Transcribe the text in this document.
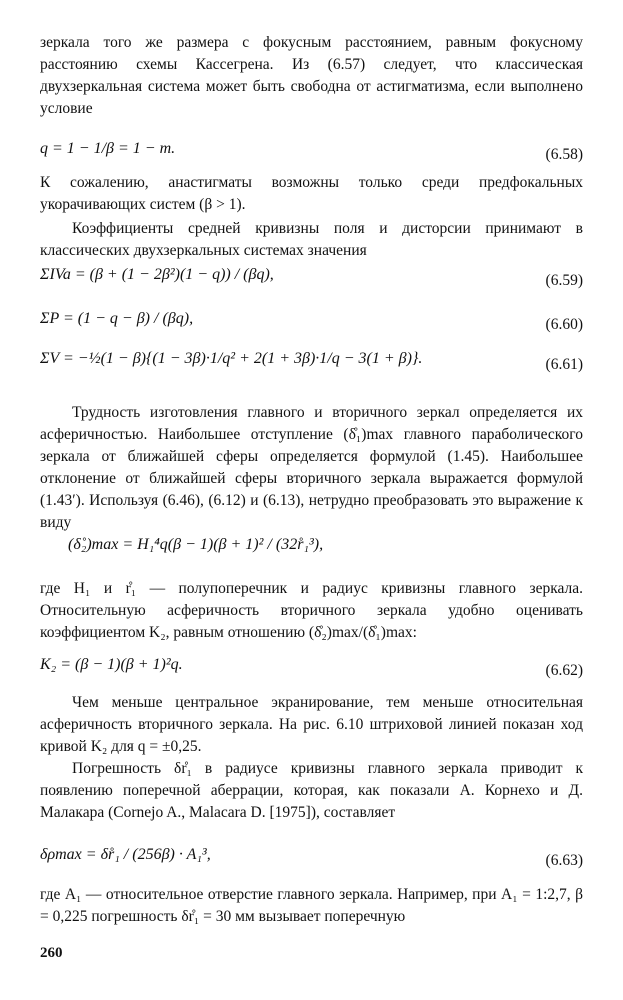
зеркала того же размера с фокусным расстоянием, равным фокусному расстоянию схемы Кассегрена. Из (6.57) следует, что классическая двухзеркальная система может быть свободна от астигматизма, если выполнено условие

q = 1 − 1/β = 1 − m.	(6.58)

К сожалению, анастигматы возможны только среди предфокальных укорачивающих систем (β > 1).

Коэффициенты средней кривизны поля и дисторсии принимают в классических двухзеркальных системах значения

ΣIVa = (β + (1 − 2β²)(1 − q)) / (βq),	(6.59)
ΣP = (1 − q − β) / (βq),	(6.60)
ΣV = −½(1 − β){(1 − 3β)·1/q² + 2(1 + 3β)·1/q − 3(1 + β)}.	(6.61)

Трудность изготовления главного и вторичного зеркал определяется их асферичностью. Наибольшее отступление (δ̊₁)max главного параболического зеркала от ближайшей сферы определяется формулой (1.45). Наибольшее отклонение от ближайшей сферы вторичного зеркала выражается формулой (1.43′). Используя (6.46), (6.12) и (6.13), нетрудно преобразовать это выражение к виду

(δ̊₂)max = H₁⁴q(β − 1)(β + 1)² / (32r̊₁³),

где H₁ и r̊₁ — полупоперечник и радиус кривизны главного зеркала. Относительную асферичность вторичного зеркала удобно оценивать коэффициентом K₂, равным отношению (δ̊₂)max/(δ̊₁)max:

K₂ = (β − 1)(β + 1)²q.	(6.62)

Чем меньше центральное экранирование, тем меньше относительная асферичность вторичного зеркала. На рис. 6.10 штриховой линией показан ход кривой K₂ для q = ±0,25.

Погрешность δr̊₁ в радиусе кривизны главного зеркала приводит к появлению поперечной аберрации, которая, как показали А. Корнехо и Д. Малакара (Cornejo A., Malacara D. [1975]), составляет

δρmax = δr̊₁ / (256β) · A₁³,	(6.63)

где A₁ — относительное отверстие главного зеркала. Например, при A₁ = 1:2,7, β = 0,225 погрешность δr̊₁ = 30 мм вызывает поперечную

260
